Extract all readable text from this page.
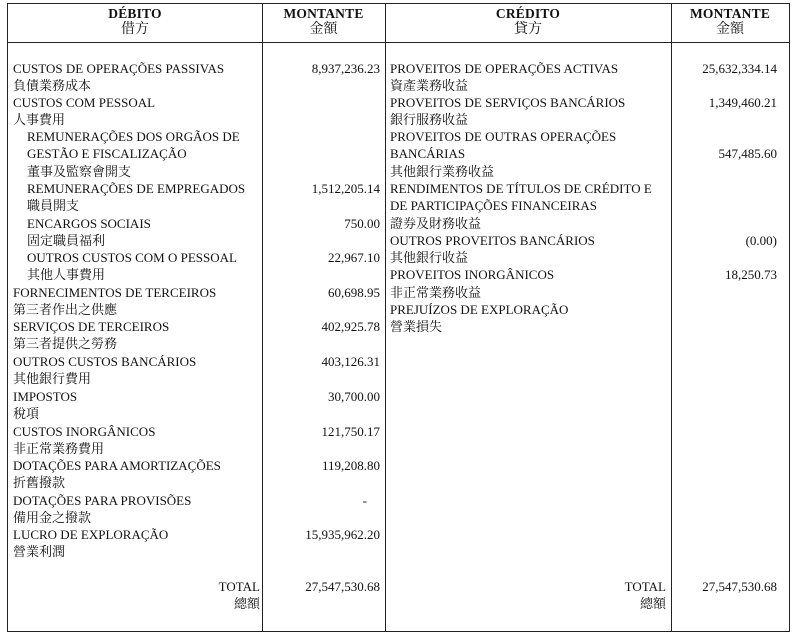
DÉBITO
借方
MONTANTE
金額
CRÉDITO
貸方
MONTANTE
金額
CUSTOS DE OPERAÇÕES PASSIVAS
負債業務成本
CUSTOS COM PESSOAL
人事費用
REMUNERAÇÕES DOS ORGÃOS DE
GESTÃO E FISCALIZAÇÃO
董事及監察會開支
REMUNERAÇÕES DE EMPREGADOS
職員開支
ENCARGOS SOCIAIS
固定職員福利
OUTROS CUSTOS COM O PESSOAL
其他人事費用
FORNECIMENTOS DE TERCEIROS
第三者作出之供應
SERVIÇOS DE TERCEIROS
第三者提供之勞務
OUTROS CUSTOS BANCÁRIOS
其他銀行費用
IMPOSTOS
稅項
CUSTOS INORGÂNICOS
非正常業務費用
DOTAÇÕES PARA AMORTIZAÇÕES
折舊撥款
DOTAÇÕES PARA PROVISÕES
備用金之撥款
LUCRO DE EXPLORAÇÃO
營業利潤
TOTAL
總額
8,937,236.23
1,512,205.14
750.00
22,967.10
60,698.95
402,925.78
403,126.31
30,700.00
121,750.17
119,208.80
-
15,935,962.20
27,547,530.68
PROVEITOS DE OPERAÇÕES ACTIVAS
資產業務收益
PROVEITOS DE SERVIÇOS BANCÁRIOS
銀行服務收益
PROVEITOS DE OUTRAS OPERAÇÕES
BANCÁRIAS
其他銀行業務收益
RENDIMENTOS DE TÍTULOS DE CRÉDITO E
DE PARTICIPAÇÕES FINANCEIRAS
證券及財務收益
OUTROS PROVEITOS BANCÁRIOS
其他銀行收益
PROVEITOS INORGÂNICOS
非正常業務收益
PREJUÍZOS DE EXPLORAÇÃO
營業損失
TOTAL
總額
25,632,334.14
1,349,460.21
547,485.60
(0.00)
18,250.73
27,547,530.68
